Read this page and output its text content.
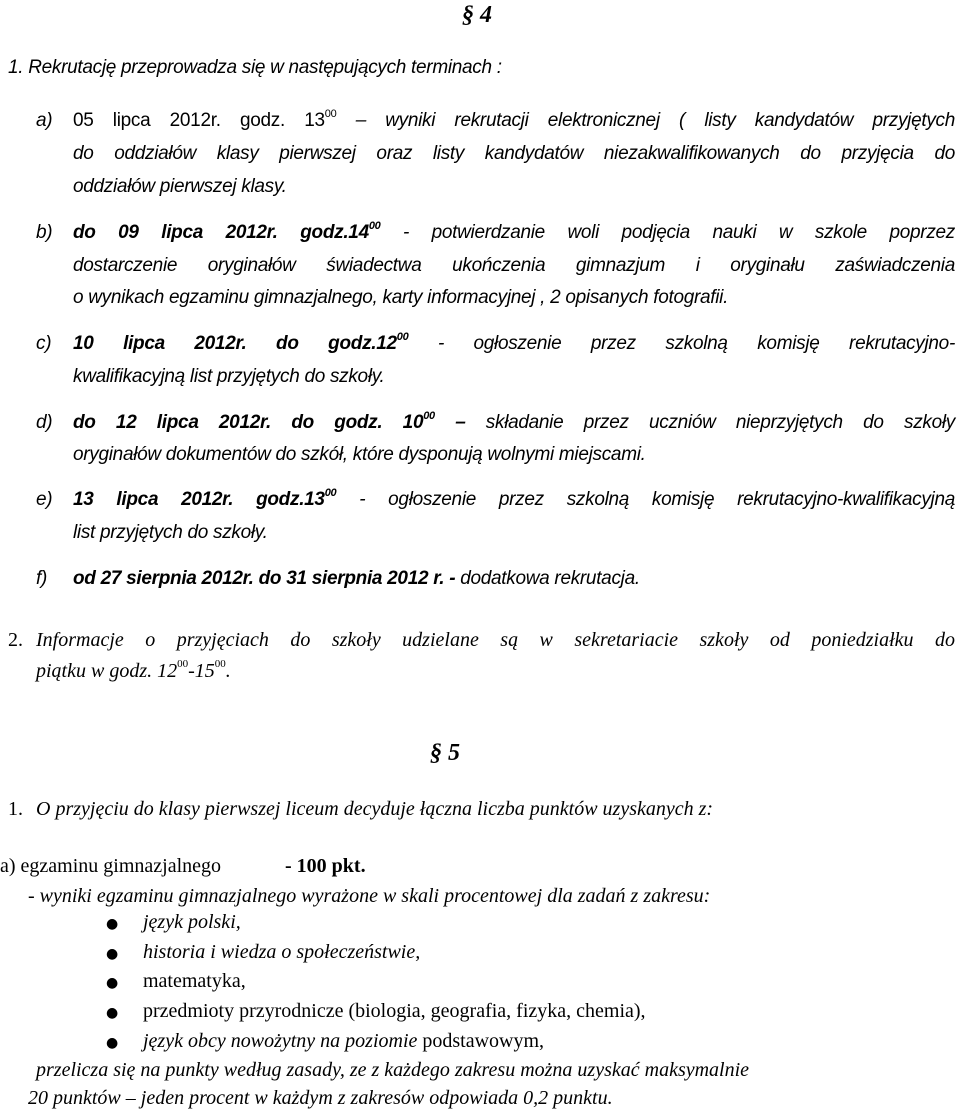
§ 4
1. Rekrutację przeprowadza się w następujących terminach :
a) 05 lipca 2012r. godz. $13^{00}$ – wyniki rekrutacji elektronicznej ( listy kandydatów przyjętych
do oddziałów klasy pierwszej oraz listy kandydatów niezakwalifikowanych do przyjęcia do
oddziałów pierwszej klasy.
b) do 09 lipca 2012r. $godz.14^{00}$ - potwierdzanie woli podjęcia nauki w szkole poprzez
dostarczenie oryginałów świadectwa ukończenia gimnazjum i oryginału zaświadczenia
o wynikach egzaminu gimnazjalnego, karty informacyjnej , 2 opisanych fotografii.
c) 10 lipca 2012r. do $godz.12^{00}$ - ogłoszenie przez szkolną komisję rekrutacyjno-
kwalifikacyjną list przyjętych do szkoły.
d) do 12 lipca 2012r. do godz. $10^{00}$ – składanie przez uczniów nieprzyjętych do szkoły
oryginałów dokumentów do szkół, które dysponują wolnymi miejscami.
e) 13 lipca 2012r. $godz.13^{00}$ - ogłoszenie przez szkolną komisję rekrutacyjno-kwalifikacyjną
list przyjętych do szkoły.
f) od 27 sierpnia 2012r. do 31 sierpnia 2012 r. - dodatkowa rekrutacja.
2. Informacje o przyjęciach do szkoły udzielane są w sekretariacie szkoły od poniedziałku do
piątku w godz. $12^{00}-15^{00}$.
§ 5
1. O przyjęciu do klasy pierwszej liceum decyduje łączna liczba punktów uzyskanych z:
a) egzaminu gimnazjalnego	- 100 pkt.
- wyniki egzaminu gimnazjalnego wyrażone w skali procentowej dla zadań z zakresu:
● język polski,
● historia i wiedza o społeczeństwie,
● matematyka,
● przedmioty przyrodnicze (biologia, geografia, fizyka, chemia),
● język obcy nowożytny na poziomie podstawowym,
przelicza się na punkty według zasady, ze z każdego zakresu można uzyskać maksymalnie
20 punktów – jeden procent w każdym z zakresów odpowiada 0,2 punktu.
